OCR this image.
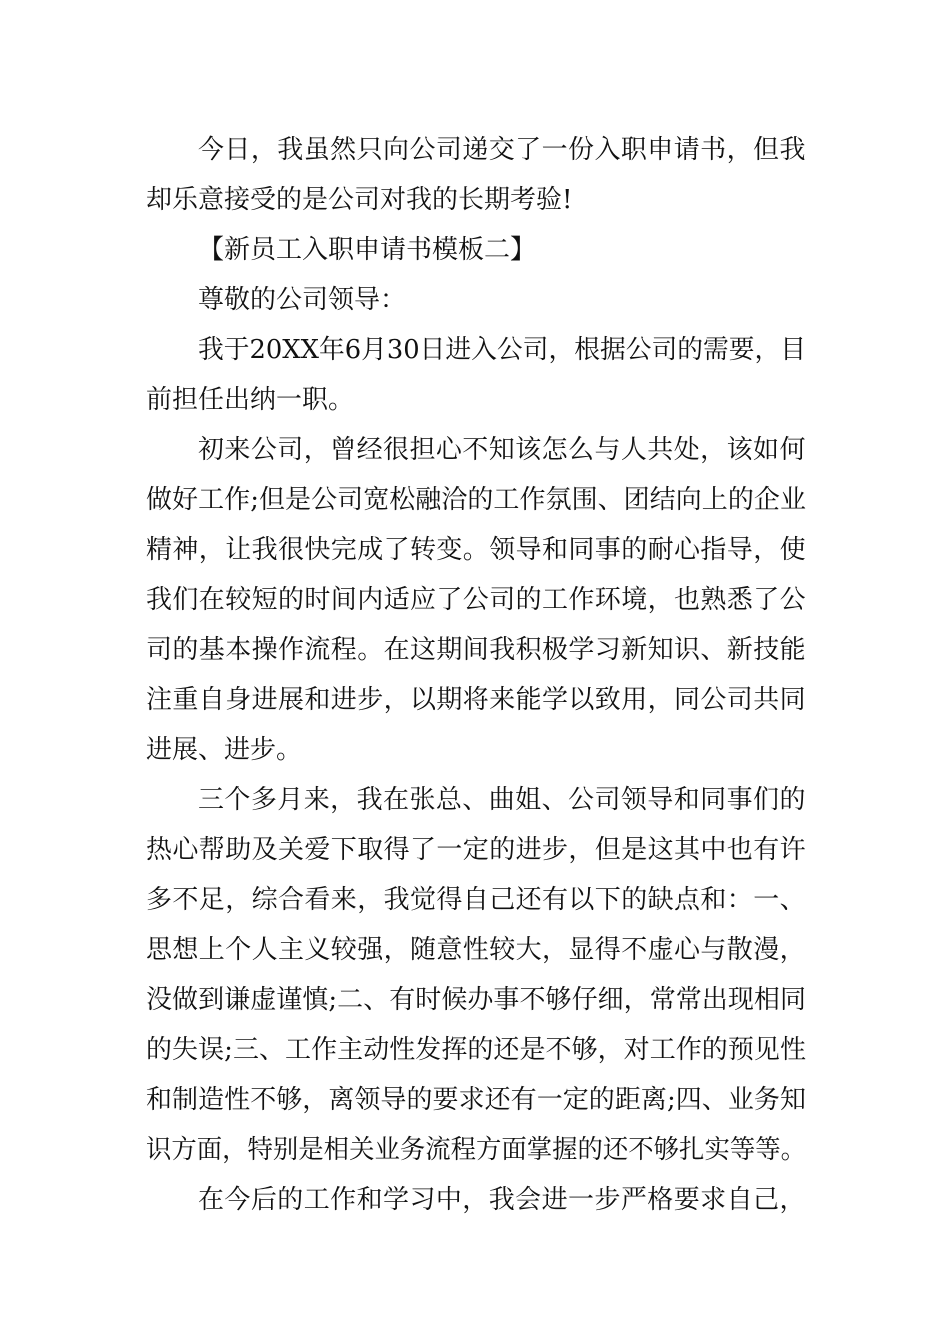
今日，我虽然只向公司递交了一份入职申请书，但我

却乐意接受的是公司对我的长期考验!

【新员工入职申请书模板二】

尊敬的公司领导：

我于20XX年6月30日进入公司，根据公司的需要，目

前担任出纳一职。

初来公司，曾经很担心不知该怎么与人共处，该如何

做好工作;但是公司宽松融洽的工作氛围、团结向上的企业

精神，让我很快完成了转变。领导和同事的耐心指导，使

我们在较短的时间内适应了公司的工作环境，也熟悉了公

司的基本操作流程。在这期间我积极学习新知识、新技能

注重自身进展和进步，以期将来能学以致用，同公司共同

进展、进步。

三个多月来，我在张总、曲姐、公司领导和同事们的

热心帮助及关爱下取得了一定的进步，但是这其中也有许

多不足，综合看来，我觉得自己还有以下的缺点和：一、

思想上个人主义较强，随意性较大，显得不虚心与散漫，

没做到谦虚谨慎;二、有时候办事不够仔细，常常出现相同

的失误;三、工作主动性发挥的还是不够，对工作的预见性

和制造性不够，离领导的要求还有一定的距离;四、业务知

识方面，特别是相关业务流程方面掌握的还不够扎实等等。

在今后的工作和学习中，我会进一步严格要求自己，
